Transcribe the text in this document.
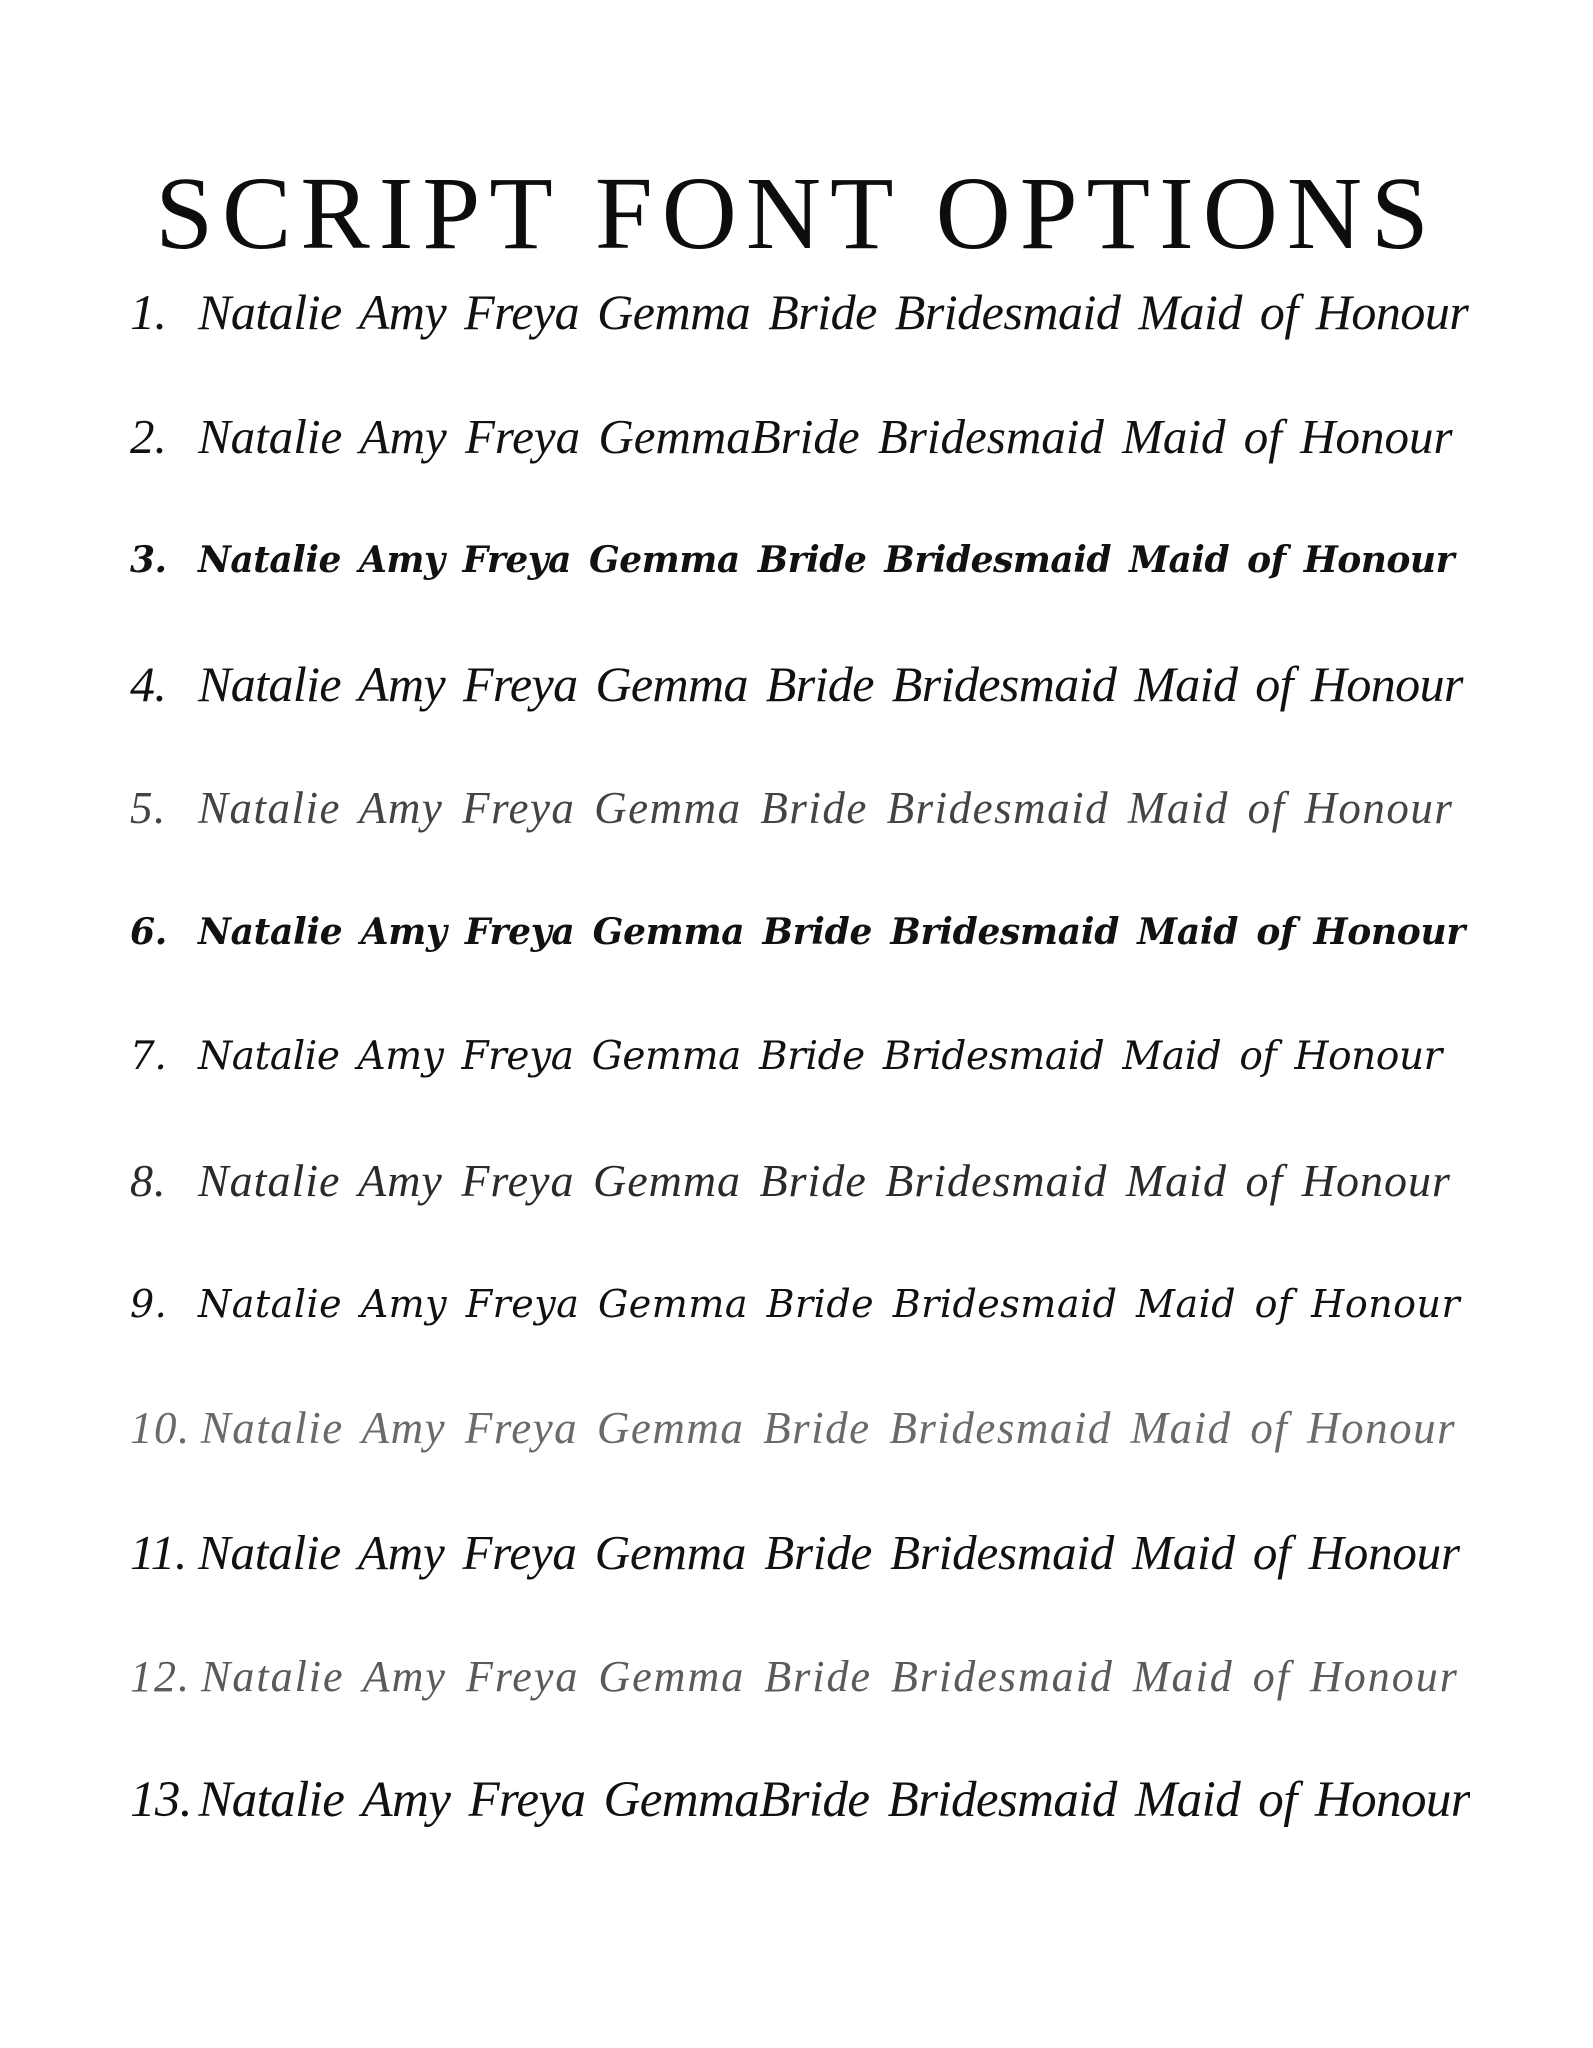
SCRIPT FONT OPTIONS
1. Natalie Amy Freya Gemma Bride Bridesmaid Maid of Honour
2. Natalie Amy Freya GemmaBride Bridesmaid Maid of Honour
3. Natalie Amy Freya Gemma Bride Bridesmaid Maid of Honour
4. Natalie Amy Freya Gemma Bride Bridesmaid Maid of Honour
5. Natalie Amy Freya Gemma Bride Bridesmaid Maid of Honour
6. Natalie Amy Freya Gemma Bride Bridesmaid Maid of Honour
7. Natalie Amy Freya Gemma Bride Bridesmaid Maid of Honour
8. Natalie Amy Freya Gemma Bride Bridesmaid Maid of Honour
9. Natalie Amy Freya Gemma Bride Bridesmaid Maid of Honour
10. Natalie Amy Freya Gemma Bride Bridesmaid Maid of Honour
11. Natalie Amy Freya Gemma Bride Bridesmaid Maid of Honour
12. Natalie Amy Freya Gemma Bride Bridesmaid Maid of Honour
13. Natalie Amy Freya GemmaBride Bridesmaid Maid of Honour
